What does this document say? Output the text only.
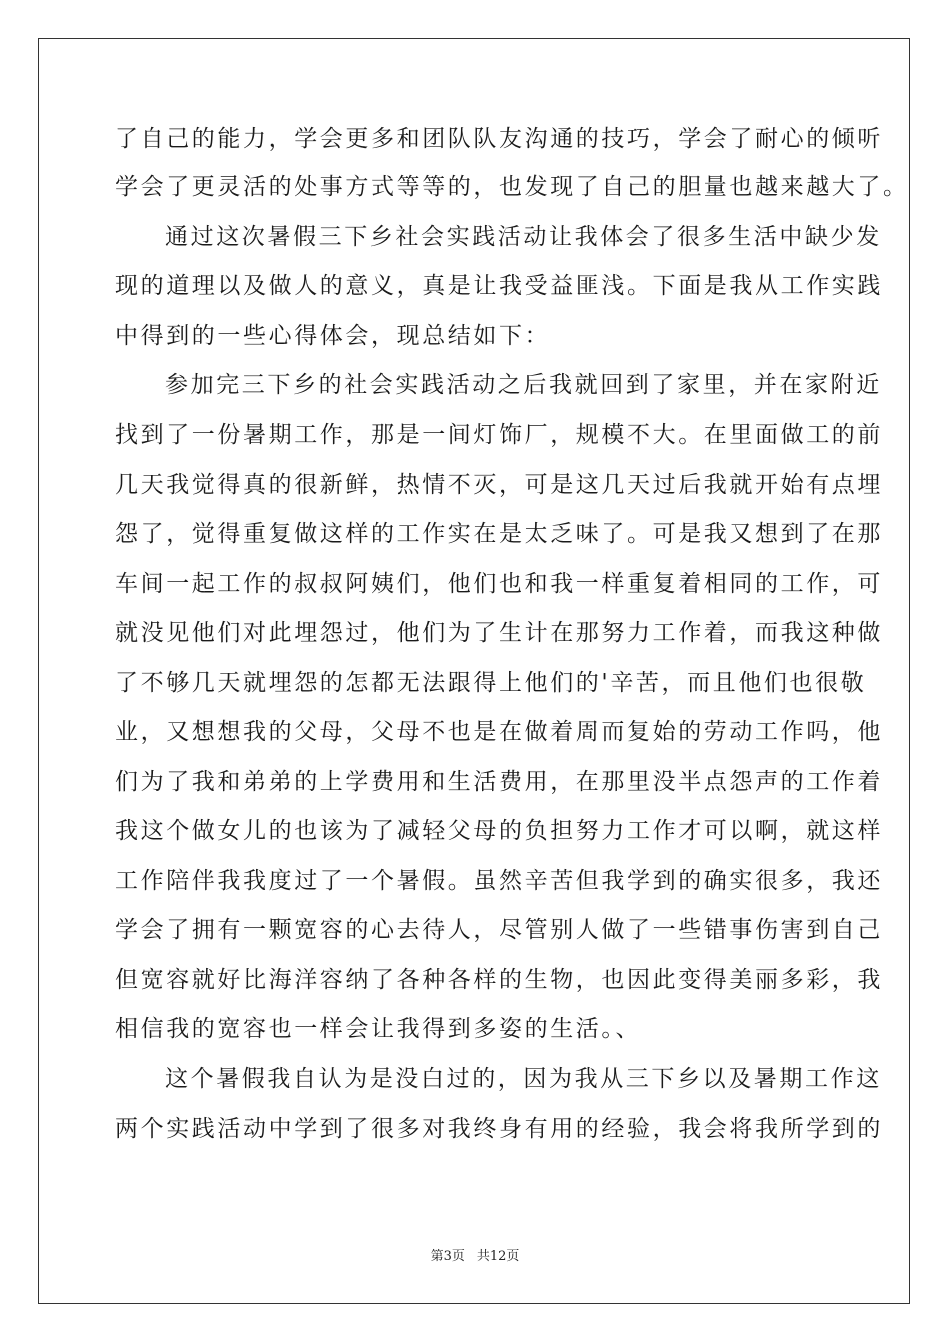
了自己的能力，学会更多和团队队友沟通的技巧，学会了耐心的倾听
学会了更灵活的处事方式等等的，也发现了自己的胆量也越来越大了。
通过这次暑假三下乡社会实践活动让我体会了很多生活中缺少发
现的道理以及做人的意义，真是让我受益匪浅。下面是我从工作实践
中得到的一些心得体会，现总结如下：
参加完三下乡的社会实践活动之后我就回到了家里，并在家附近
找到了一份暑期工作，那是一间灯饰厂，规模不大。在里面做工的前
几天我觉得真的很新鲜，热情不灭，可是这几天过后我就开始有点埋
怨了，觉得重复做这样的工作实在是太乏味了。可是我又想到了在那
车间一起工作的叔叔阿姨们，他们也和我一样重复着相同的工作，可
就没见他们对此埋怨过，他们为了生计在那努力工作着，而我这种做
了不够几天就埋怨的怎都无法跟得上他们的'辛苦，而且他们也很敬
业，又想想我的父母，父母不也是在做着周而复始的劳动工作吗，他
们为了我和弟弟的上学费用和生活费用，在那里没半点怨声的工作着
我这个做女儿的也该为了减轻父母的负担努力工作才可以啊，就这样
工作陪伴我我度过了一个暑假。虽然辛苦但我学到的确实很多，我还
学会了拥有一颗宽容的心去待人，尽管别人做了一些错事伤害到自己
但宽容就好比海洋容纳了各种各样的生物，也因此变得美丽多彩，我
相信我的宽容也一样会让我得到多姿的生活。、
这个暑假我自认为是没白过的，因为我从三下乡以及暑期工作这
两个实践活动中学到了很多对我终身有用的经验，我会将我所学到的
第3页 共12页
